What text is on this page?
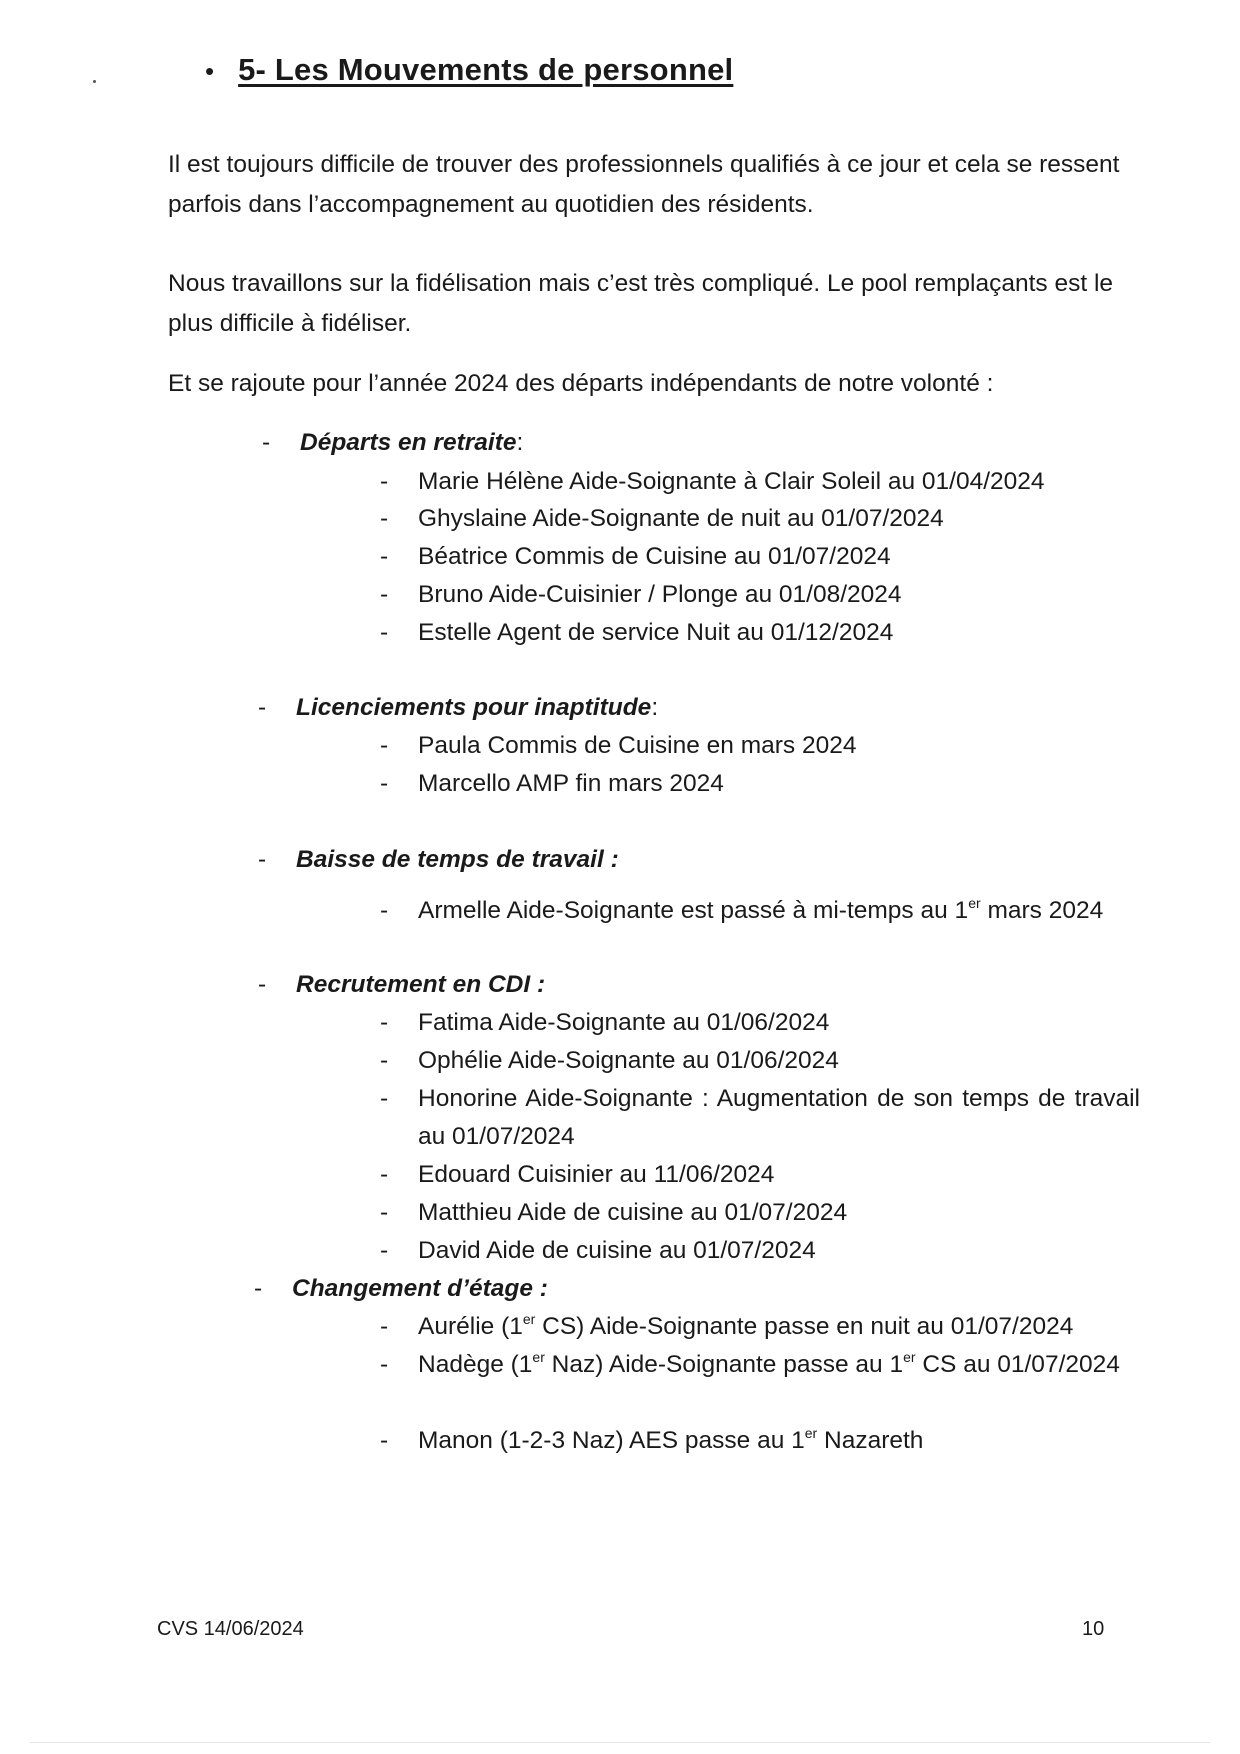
• 5- Les Mouvements de personnel

Il est toujours difficile de trouver des professionnels qualifiés à ce jour et cela se ressent parfois dans l’accompagnement au quotidien des résidents.

Nous travaillons sur la fidélisation mais c’est très compliqué. Le pool remplaçants est le plus difficile à fidéliser.

Et se rajoute pour l’année 2024 des départs indépendants de notre volonté :

-	Départs en retraite :
- Marie Hélène Aide-Soignante à Clair Soleil au 01/04/2024
- Ghyslaine Aide-Soignante de nuit au 01/07/2024
- Béatrice Commis de Cuisine au 01/07/2024
- Bruno Aide-Cuisinier / Plonge au 01/08/2024
- Estelle Agent de service Nuit au 01/12/2024
-	Licenciements pour inaptitude :
- Paula Commis de Cuisine en mars 2024
- Marcello AMP fin mars 2024
-	Baisse de temps de travail :
- Armelle Aide-Soignante est passé à mi-temps au 1er mars 2024
-	Recrutement en CDI :
- Fatima Aide-Soignante au 01/06/2024
- Ophélie Aide-Soignante au 01/06/2024
- Honorine Aide-Soignante : Augmentation de son temps de travail au 01/07/2024
- Edouard Cuisinier au 11/06/2024
- Matthieu Aide de cuisine au 01/07/2024
- David Aide de cuisine au 01/07/2024
-	Changement d’étage :
- Aurélie (1er CS) Aide-Soignante passe en nuit au 01/07/2024
- Nadège (1er Naz) Aide-Soignante passe au 1er CS au 01/07/2024
- Manon (1-2-3 Naz) AES passe au 1er Nazareth
CVS 14/06/2024	10
